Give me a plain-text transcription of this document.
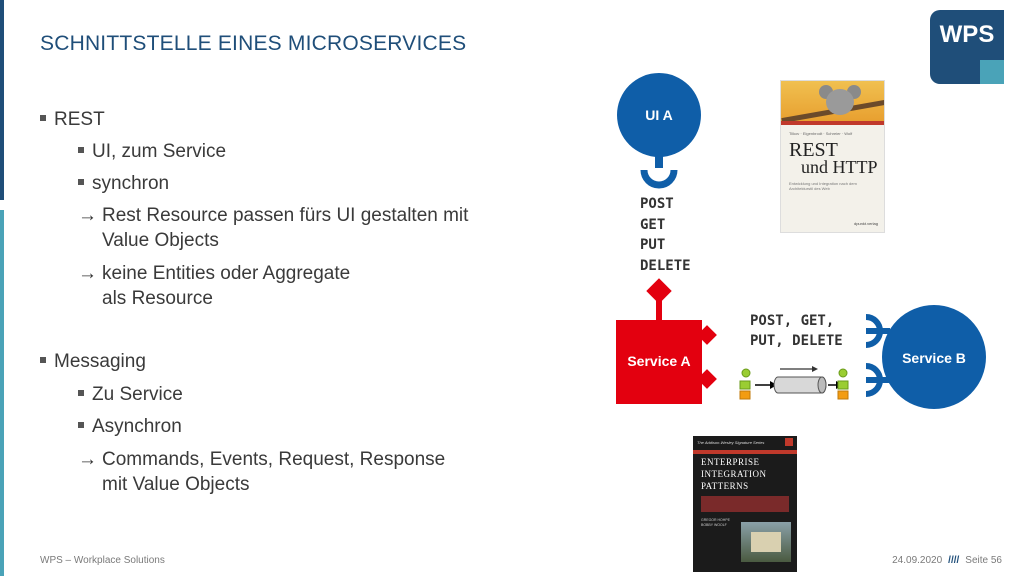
SCHNITTSTELLE EINES MICROSERVICES	WPS
REST
UI, zum Service
synchron
→ Rest Resource passen fürs UI gestalten mit
Value Objects
→ keine Entities oder Aggregate
als Resource
Messaging
Zu Service
Asynchron
→ Commands, Events, Request, Response
mit Value Objects
UI A
POST GET PUT DELETE
Service A
POST, GET, PUT, DELETE
Service B
Tilkov · Eigenbrodt · Schreier · Wolf
REST
und HTTP
Entwicklung und Integration nach dem Architekturstil des Web
dpunkt.verlag
The Addison-Wesley Signature Series
ENTERPRISE
INTEGRATION
PATTERNS
GREGOR HOHPE
BOBBY WOOLF
WPS – Workplace Solutions	24.09.2020 //// Seite 56
